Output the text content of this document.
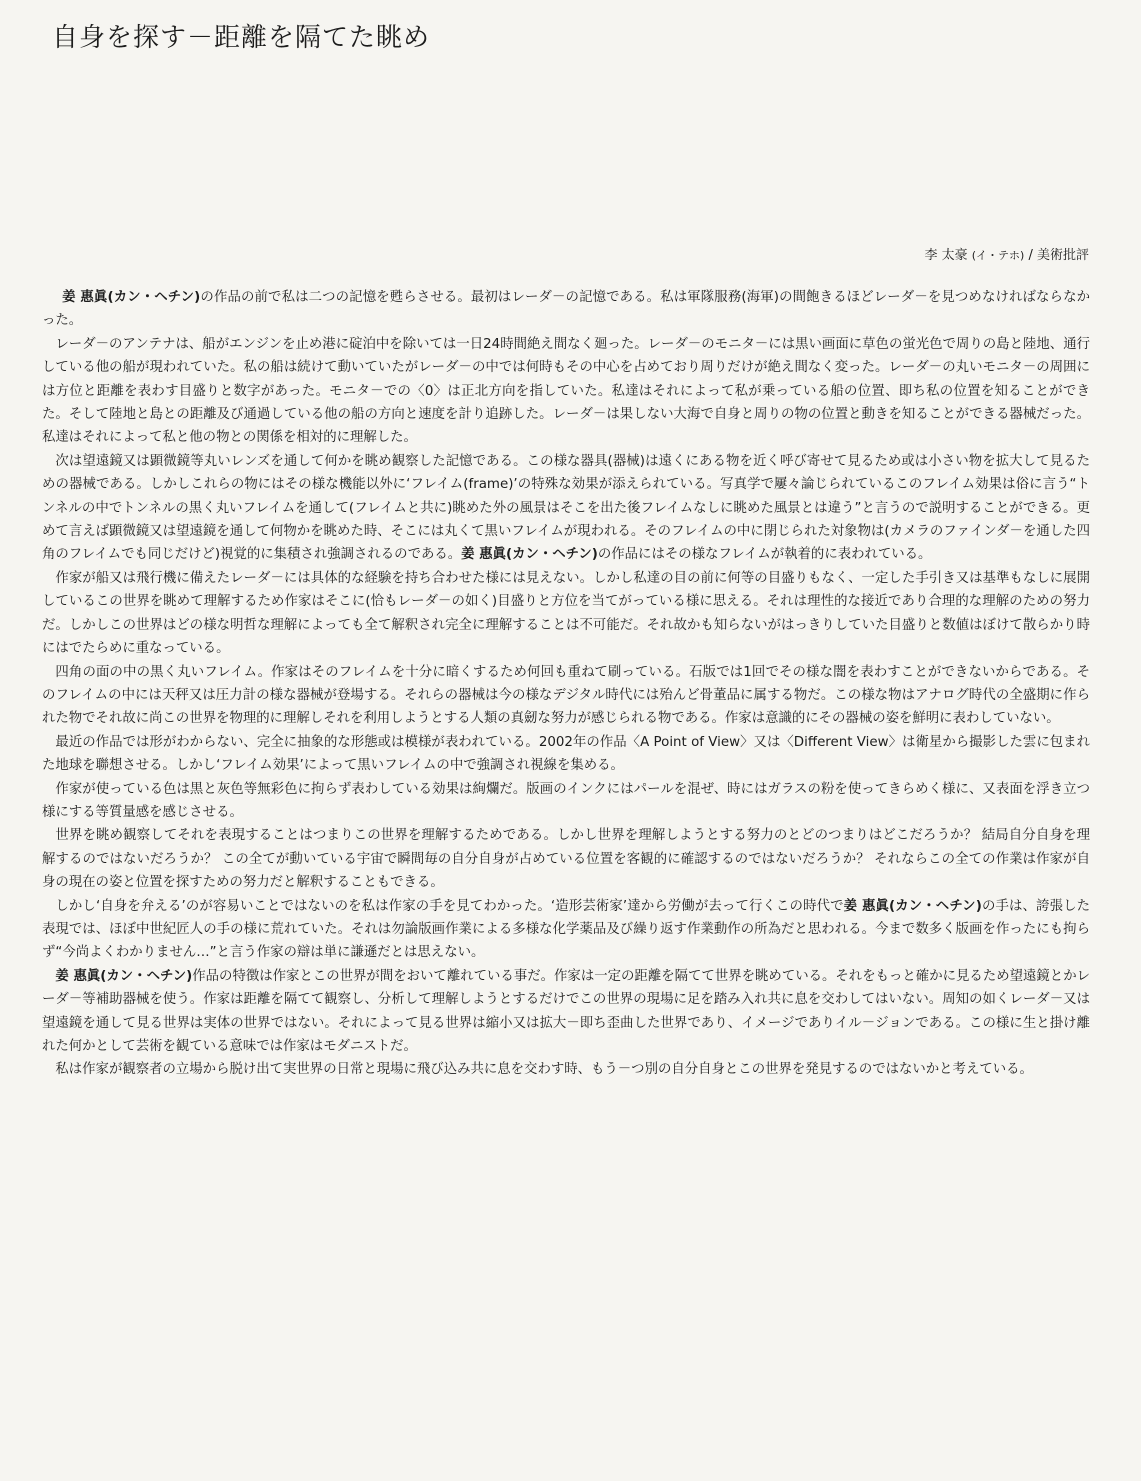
自身を探す－距離を隔てた眺め
李 太豪 (イ・テホ) / 美術批評

姜 惠眞(カン・ヘチン)の作品の前で私は二つの記憶を甦らさせる。最初はレーダ－の記憶である。私は軍隊服務(海軍)の間飽きるほどレーダ－を見つめなければならなかった。

レーダ－のアンテナは、船がエンジンを止め港に碇泊中を除いては一日24時間絶え間なく廻った。レーダ－のモニタ－には黒い画面に草色の蛍光色で周りの島と陸地、通行している他の船が現われていた。私の船は続けて動いていたがレーダ－の中では何時もその中心を占めており周りだけが絶え間なく変った。レーダ－の丸いモニタ－の周囲には方位と距離を表わす目盛りと数字があった。モニタ－での〈0〉は正北方向を指していた。私達はそれによって私が乗っている船の位置、即ち私の位置を知ることができた。そして陸地と島との距離及び通過している他の船の方向と速度を計り追跡した。レーダ－は果しない大海で自身と周りの物の位置と動きを知ることができる器械だった。私達はそれによって私と他の物との関係を相対的に理解した。

次は望遠鏡又は顕微鏡等丸いレンズを通して何かを眺め観察した記憶である。この様な器具(器械)は遠くにある物を近く呼び寄せて見るため或は小さい物を拡大して見るための器械である。しかしこれらの物にはその様な機能以外に‘フレイム(frame)’の特殊な効果が添えられている。写真学で屢々論じられているこのフレイム効果は俗に言う“トンネルの中でトンネルの黒く丸いフレイムを通して(フレイムと共に)眺めた外の風景はそこを出た後フレイムなしに眺めた風景とは違う”と言うので説明することができる。更めて言えば顕微鏡又は望遠鏡を通して何物かを眺めた時、そこには丸くて黒いフレイムが現われる。そのフレイムの中に閉じられた対象物は(カメラのファインダ－を通した四角のフレイムでも同じだけど)視覚的に集積され強調されるのである。姜 惠眞(カン・ヘチン)の作品にはその様なフレイムが執着的に表われている。

作家が船又は飛行機に備えたレーダ－には具体的な経験を持ち合わせた様には見えない。しかし私達の目の前に何等の目盛りもなく、一定した手引き又は基準もなしに展開しているこの世界を眺めて理解するため作家はそこに(恰もレーダ－の如く)目盛りと方位を当てがっている様に思える。それは理性的な接近であり合理的な理解のための努力だ。しかしこの世界はどの様な明哲な理解によっても全て解釈され完全に理解することは不可能だ。それ故かも知らないがはっきりしていた目盛りと数値はぼけて散らかり時にはでたらめに重なっている。

四角の面の中の黒く丸いフレイム。作家はそのフレイムを十分に暗くするため何回も重ねて刷っている。石版では1回でその様な闇を表わすことができないからである。そのフレイムの中には天秤又は圧力計の様な器械が登場する。それらの器械は今の様なデジタル時代には殆んど骨董品に属する物だ。この様な物はアナログ時代の全盛期に作られた物でそれ故に尚この世界を物理的に理解しそれを利用しようとする人類の真劒な努力が感じられる物である。作家は意識的にその器械の姿を鮮明に表わしていない。

最近の作品では形がわからない、完全に抽象的な形態或は模様が表われている。2002年の作品〈A Point of View〉又は〈Different View〉は衛星から撮影した雲に包まれた地球を聯想させる。しかし‘フレイム効果’によって黒いフレイムの中で強調され視線を集める。

作家が使っている色は黒と灰色等無彩色に拘らず表わしている効果は絢爛だ。版画のインクにはパールを混ぜ、時にはガラスの粉を使ってきらめく様に、又表面を浮き立つ様にする等質量感を感じさせる。

世界を眺め観察してそれを表現することはつまりこの世界を理解するためである。しかし世界を理解しようとする努力のとどのつまりはどこだろうか？ 結局自分自身を理解するのではないだろうか？ この全てが動いている宇宙で瞬間毎の自分自身が占めている位置を客観的に確認するのではないだろうか？ それならこの全ての作業は作家が自身の現在の姿と位置を探すための努力だと解釈することもできる。

しかし‘自身を弁える’のが容易いことではないのを私は作家の手を見てわかった。‘造形芸術家’達から労働が去って行くこの時代で姜 惠眞(カン・ヘチン)の手は、誇張した表現では、ほぼ中世紀匠人の手の様に荒れていた。それは勿論版画作業による多様な化学薬品及び繰り返す作業動作の所為だと思われる。今まで数多く版画を作ったにも拘らず“今尚よくわかりません…”と言う作家の辯は単に謙遜だとは思えない。

姜 惠眞(カン・ヘチン)作品の特徴は作家とこの世界が間をおいて離れている事だ。作家は一定の距離を隔てて世界を眺めている。それをもっと確かに見るため望遠鏡とかレーダ－等補助器械を使う。作家は距離を隔てて観察し、分析して理解しようとするだけでこの世界の現場に足を踏み入れ共に息を交わしてはいない。周知の如くレーダ－又は望遠鏡を通して見る世界は実体の世界ではない。それによって見る世界は縮小又は拡大－即ち歪曲した世界であり、イメージでありイル－ジョンである。この様に生と掛け離れた何かとして芸術を観ている意味では作家はモダニストだ。

私は作家が観察者の立場から脱け出て実世界の日常と現場に飛び込み共に息を交わす時、もう－つ別の自分自身とこの世界を発見するのではないかと考えている。
